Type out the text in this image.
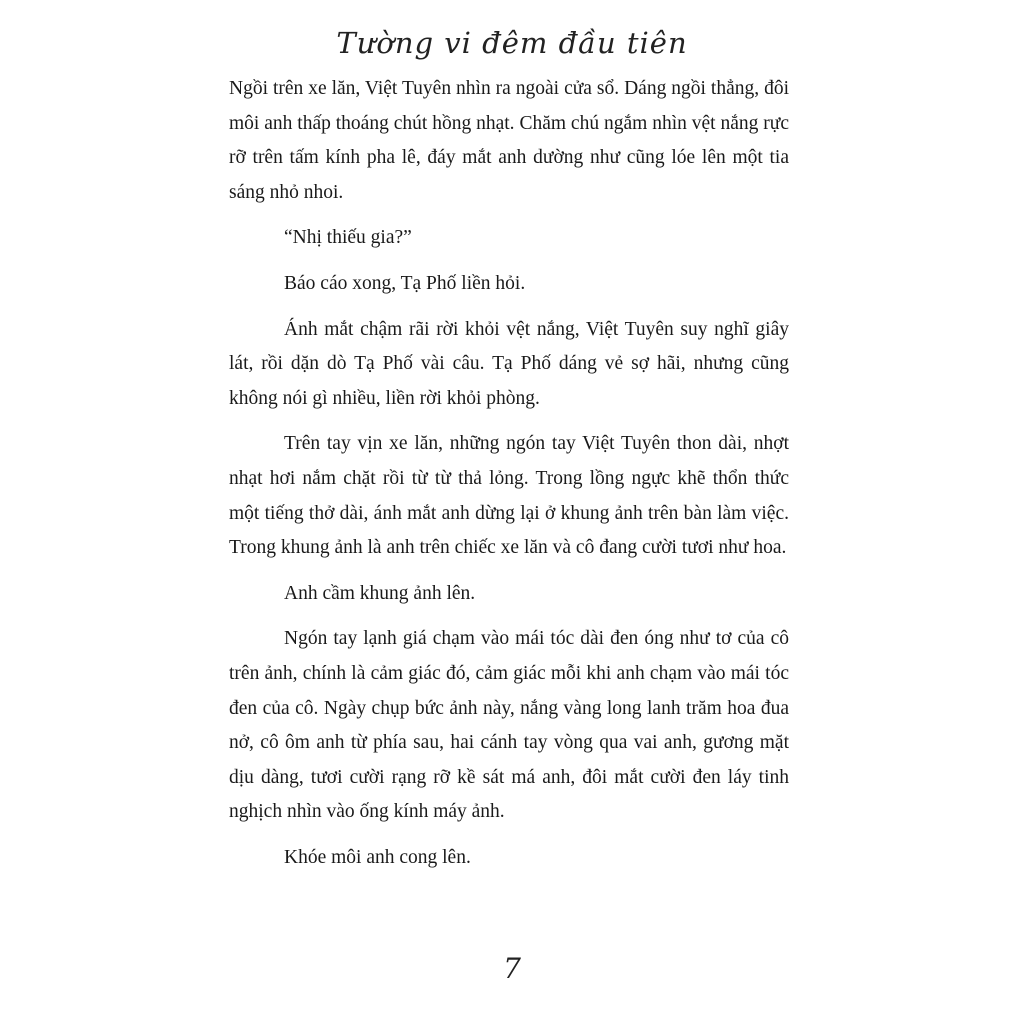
Tường vi đêm đầu tiên

Ngồi trên xe lăn, Việt Tuyên nhìn ra ngoài cửa sổ. Dáng ngồi thẳng, đôi môi anh thấp thoáng chút hồng nhạt. Chăm chú ngắm nhìn vệt nắng rực rỡ trên tấm kính pha lê, đáy mắt anh dường như cũng lóe lên một tia sáng nhỏ nhoi.

“Nhị thiếu gia?”

Báo cáo xong, Tạ Phố liền hỏi.

Ánh mắt chậm rãi rời khỏi vệt nắng, Việt Tuyên suy nghĩ giây lát, rồi dặn dò Tạ Phố vài câu. Tạ Phố dáng vẻ sợ hãi, nhưng cũng không nói gì nhiều, liền rời khỏi phòng.

Trên tay vịn xe lăn, những ngón tay Việt Tuyên thon dài, nhợt nhạt hơi nắm chặt rồi từ từ thả lỏng. Trong lồng ngực khẽ thổn thức một tiếng thở dài, ánh mắt anh dừng lại ở khung ảnh trên bàn làm việc. Trong khung ảnh là anh trên chiếc xe lăn và cô đang cười tươi như hoa.

Anh cầm khung ảnh lên.

Ngón tay lạnh giá chạm vào mái tóc dài đen óng như tơ của cô trên ảnh, chính là cảm giác đó, cảm giác mỗi khi anh chạm vào mái tóc đen của cô. Ngày chụp bức ảnh này, nắng vàng long lanh trăm hoa đua nở, cô ôm anh từ phía sau, hai cánh tay vòng qua vai anh, gương mặt dịu dàng, tươi cười rạng rỡ kề sát má anh, đôi mắt cười đen láy tinh nghịch nhìn vào ống kính máy ảnh.

Khóe môi anh cong lên.

7
